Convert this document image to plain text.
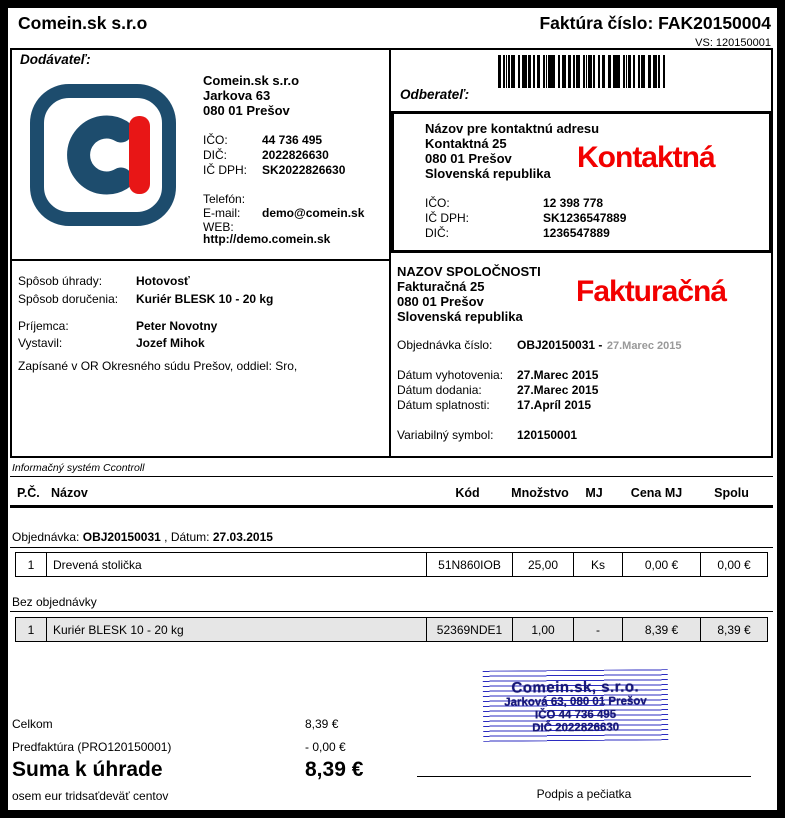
Comein.sk s.r.o	Faktúra číslo: FAK20150004
VS: 120150001
Dodávateľ:
Comein.sk s.r.o
Jarkova 63
080 01 Prešov
IČO:	44 736 495
DIČ:	2022826630
IČ DPH: SK2022826630
Telefón:
E-mail: demo@comein.sk
WEB:
http://demo.comein.sk
Spôsob úhrady:	Hotovosť
Spôsob doručenia: Kuriér BLESK 10 - 20 kg
Príjemca:	Peter Novotny
Vystavil:	Jozef Mihok
Zapísané v OR Okresného súdu Prešov, oddiel: Sro,
Odberateľ:
Názov pre kontaktnú adresu
Kontaktná 25
080 01 Prešov
Slovenská republika Kontaktná
IČO:	12 398 778
IČ DPH:	SK1236547889
DIČ:	1236547889
NAZOV SPOLOČNOSTI
Fakturačná 25
080 01 Prešov
Slovenská republika
Fakturačná
Objednávka číslo: OBJ20150031 - 27.Marec 2015
Dátum vyhotovenia: 27.Marec 2015
Dátum dodania:	27.Marec 2015
Dátum splatnosti: 17.Apríl 2015
Variabilný symbol: 120150001
Informačný systém Ccontroll
P.Č. Názov	Kód	Množstvo	MJ	Cena MJ	Spolu
Objednávka: OBJ20150031 , Dátum: 27.03.2015
1	Drevená stolička	51N860IOB	25,00	Ks	0,00 €	0,00 €
Bez objednávky
1	Kuriér BLESK 10 - 20 kg	52369NDE1	1,00	-	8,39 €	8,39 €
Comein.sk, s.r.o.
Jarková 63, 080 01 Prešov
IČO 44 736 495
DIČ 2022826630
Celkom	8,39 €
Predfaktúra (PRO120150001)	- 0,00 €
Suma k úhrade	8,39 €
osem eur tridsaťdeväť centov	Podpis a pečiatka
